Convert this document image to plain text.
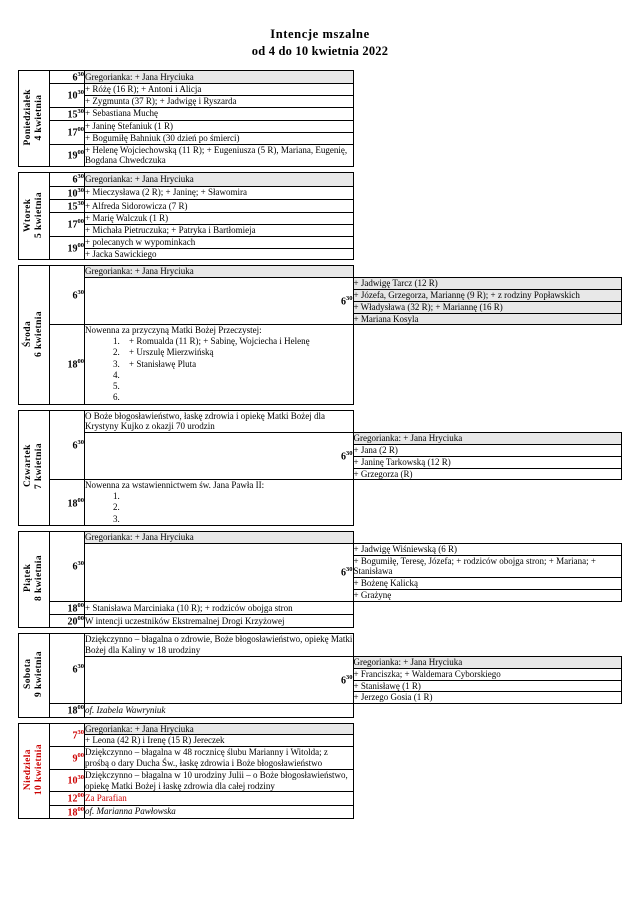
Intencje mszalne
od 4 do 10 kwietnia 2022
Poniedziałek 4 kwietnia	$6^{30}$	Gregorianka: + Jana Hryciuka	
	$10^{30}$	+ Różę (16 R); + Antoni i Alicja	
		+ Zygmunta (37 R); + Jadwigę i Ryszarda	
	$15^{30}$	+ Sebastiana Muchę	
	$17^{00}$	+ Janinę Stefaniuk (1 R)	
		+ Bogumiłę Bahniuk (30 dzień po śmierci)	
	$19^{00}$	+ Helenę Wojciechowską (11 R); + Eugeniusza (5 R), Mariana, Eugenię, Bogdana Chwedczuka	

Wtorek 5 kwietnia	$6^{30}$	Gregorianka: + Jana Hryciuka	
	$10^{30}$	+ Mieczysława (2 R); + Janinę; + Sławomira	
	$15^{30}$	+ Alfreda Sidorowicza (7 R)	
	$17^{00}$	+ Marię Walczuk (1 R)	
		+ Michała Pietruczuka; + Patryka i Bartłomieja	
	$19^{00}$	+ polecanych w wypominkach	
		+ Jacka Sawickiego	

Środa 6 kwietnia	$6^{30}$	Gregorianka: + Jana Hryciuka	
		$6^{30}$	+ Jadwigę Tarcz (12 R)
			+ Józefa, Grzegorza, Mariannę (9 R); + z rodziny Popławskich
			+ Władysława (32 R); + Mariannę (16 R)
			+ Mariana Kosyla
$18^{00}$	Nowenna za przyczyną Matki Bożej Przeczystej:
1. + Romualda (11 R); + Sabinę, Wojciecha i Helenę
2. + Urszulę Mierzwińską
3. + Stanisławę Pluta
4.
5.
6.

Czwartek 7 kwietnia	$6^{30}$	O Boże błogosławieństwo, łaskę zdrowia i opiekę Matki Bożej dla Krystyny Kujko z okazji 70 urodzin	
		$6^{30}$	Gregorianka: + Jana Hryciuka
			+ Jana (2 R)
			+ Janinę Tarkowską (12 R)
			+ Grzegorza (R)
$18^{00}$	Nowenna za wstawiennictwem św. Jana Pawła II:
1.
2.
3.

Piątek 8 kwietnia	$6^{30}$	Gregorianka: + Jana Hryciuka	
		$6^{30}$	+ Jadwigę Wiśniewską (6 R)
			+ Bogumiłę, Teresę, Józefa; + rodziców obojga stron; + Mariana; + Stanisława
			+ Bożenę Kalicką
			+ Grażynę
	$18^{00}$	+ Stanisława Marciniaka (10 R); + rodziców obojga stron	
	$20^{00}$	W intencji uczestników Ekstremalnej Drogi Krzyżowej	

Sobota 9 kwietnia	$6^{30}$	Dziękczynno – błagalna o zdrowie, Boże błogosławieństwo, opiekę Matki Bożej dla Kaliny w 18 urodziny	
		$6^{30}$	Gregorianka: + Jana Hryciuka
			+ Franciszka; + Waldemara Cyborskiego
			+ Stanisławę (1 R)
			+ Jerzego Gosia (1 R)
	$18^{00}$	of. Izabela Wawryniuk	

Niedziela 10 kwietnia	$7^{30}$	Gregorianka: + Jana Hryciuka	
		+ Leona (42 R) i Irenę (15 R) Jereczek	
	$9^{00}$	Dziękczynno – błagalna w 48 rocznicę ślubu Marianny i Witolda; z prośbą o dary Ducha Św., łaskę zdrowia i Boże błogosławieństwo	
	$10^{30}$	Dziękczynno – błagalna w 10 urodziny Julii – o Boże błogosławieństwo, opiekę Matki Bożej i łaskę zdrowia dla całej rodziny	
	$12^{00}$	Za Parafian	
	$18^{00}$	of. Marianna Pawłowska	
